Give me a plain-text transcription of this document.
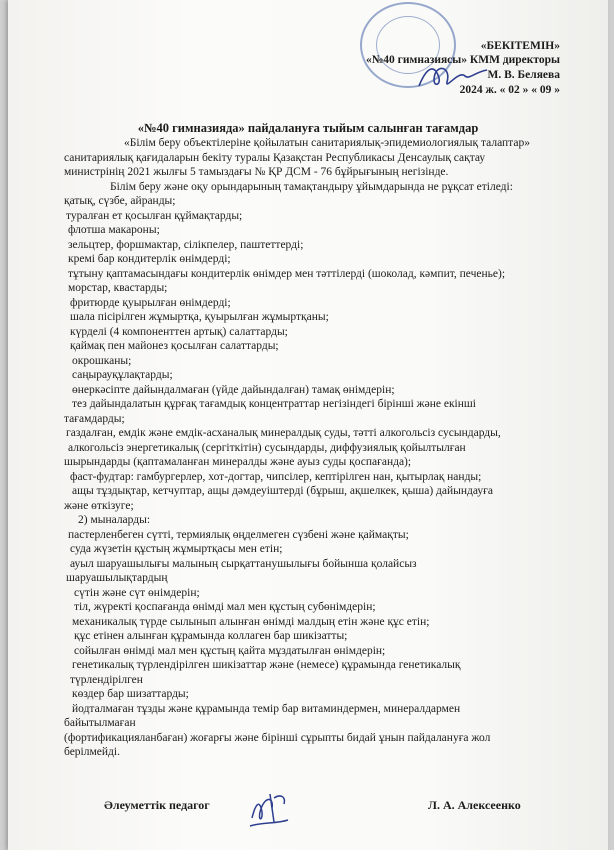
«БЕКІТЕМІН»
«№40 гимназиясы» КММ директоры
М. В. Беляева
2024 ж. « 02 » « 09 »
«№40 гимназияда» пайдалануға тыйым салынған тағамдар
«Білім беру объектілеріне қойылатын санитариялық-эпидемиологиялық талаптар»
санитариялық қағидаларын бекіту туралы Қазақстан Республикасы Денсаулық сақтау
министрінің 2021 жылғы 5 тамыздағы № ҚР ДСМ - 76 бұйрығының негізінде.
Білім беру және оқу орындарының тамақтандыру ұйымдарында не рұқсат етіледі:
қатық, сүзбе, айранды;
туралған ет қосылған құймақтарды;
флотша макароны;
зельцтер, форшмактар, сілікпелер, паштеттерді;
кремі бар кондитерлік өнімдерді;
тұтыну қаптамасындағы кондитерлік өнімдер мен тәттілерді (шоколад, кәмпит, печенье);
морстар, квастарды;
фритюрде қуырылған өнімдерді;
шала пісірілген жұмыртқа, қуырылған жұмыртқаны;
күрделі (4 компоненттен артық) салаттарды;
қаймақ пен майонез қосылған салаттарды;
окрошканы;
саңырауқұлақтарды;
өнеркәсіпте дайындалмаған (үйде дайындалған) тамақ өнімдерін;
тез дайындалатын құрғақ тағамдық концентраттар негізіндегі бірінші және екінші
тағамдарды;
газдалған, емдік және емдік-асханалық минералдық суды, тәтті алкогольсіз сусындарды,
алкогольсіз энергетикалық (сергіткітін) сусындарды, диффузиялық қойылтылған
шырындарды (қаптамаланған минералды және ауыз суды қоспағанда);
фаст-фудтар: гамбургерлер, хот-догтар, чипсілер, кептірілген нан, қытырлақ нанды;
ащы тұздықтар, кетчуптар, ащы дәмдеуіштерді (бұрыш, ақшелкек, қыша) дайындауға
және өткізуге;
2) мыналарды:
пастерленбеген сүтті, термиялық өңделмеген сүзбені және қаймақты;
суда жүзетін құстың жұмыртқасы мен етін;
ауыл шаруашылығы малының сырқаттанушылығы бойынша қолайсыз
шаруашылықтардың
сүтін және сүт өнімдерін;
тіл, жүректі қоспағанда өнімді мал мен құстың субөнімдерін;
механикалық түрде сылынып алынған өнімді малдың етін және құс етін;
құс етінен алынған құрамында коллаген бар шикізатты;
сойылған өнімді мал мен құстың қайта мұздатылған өнімдерін;
генетикалық түрлендірілген шикізаттар және (немесе) құрамында генетикалық
түрлендірілген
көздер бар шизаттарды;
йодталмаған тұзды және құрамында темір бар витаминдермен, минералдармен
байытылмаған
(фортификацияланбаған) жоғарғы және бірінші сұрыпты бидай ұнын пайдалануға жол
берілмейді.
Әлеуметтік педагог	Л. А. Алексеенко
